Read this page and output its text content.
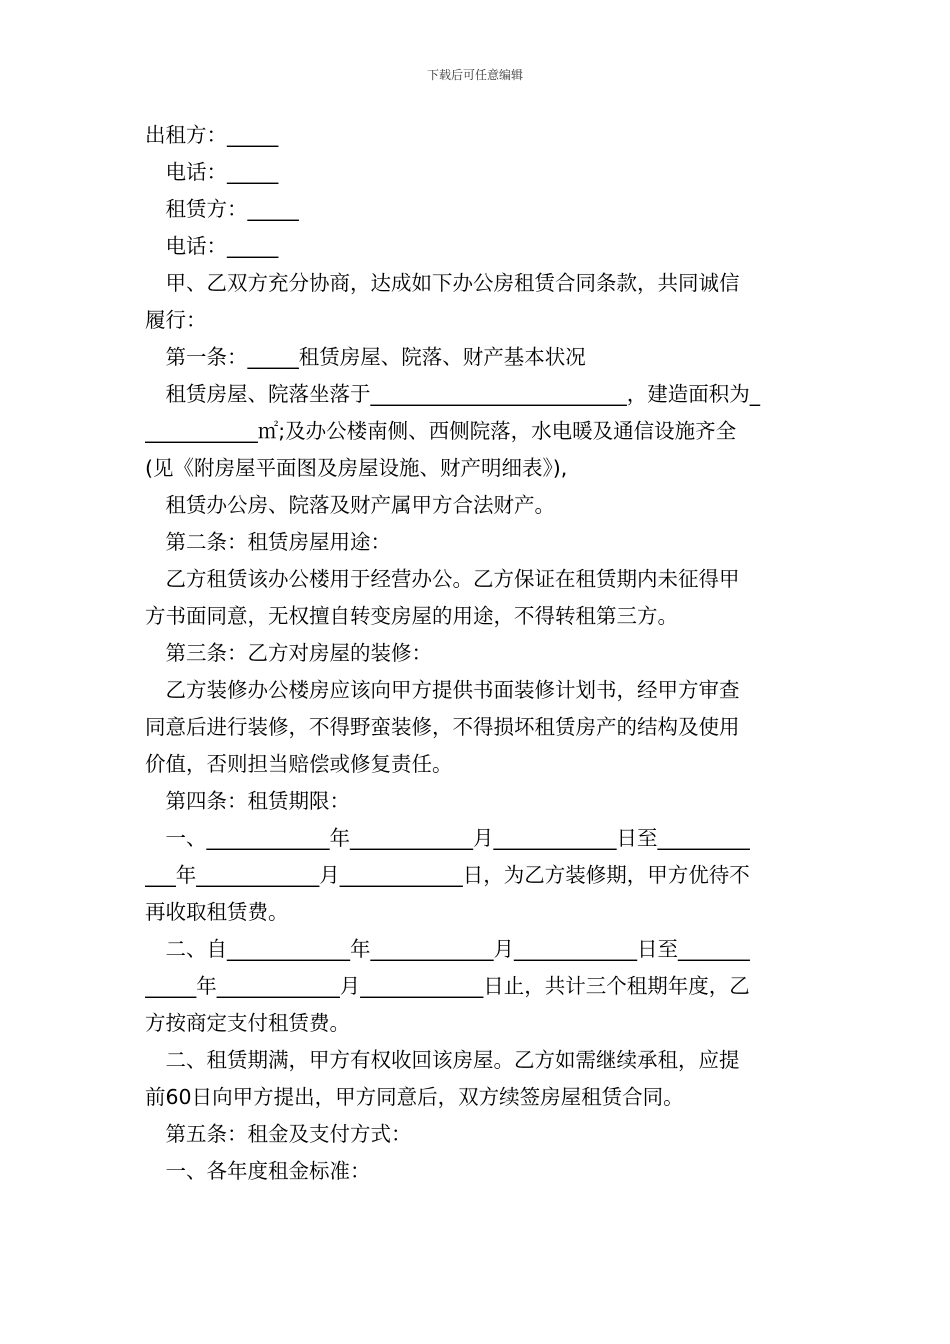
下载后可任意编辑
出租方：_____
　电话：_____
　租赁方：_____
　电话：_____
　甲、乙双方充分协商，达成如下办公房租赁合同条款，共同诚信
履行：
　第一条：_____租赁房屋、院落、财产基本状况
　租赁房屋、院落坐落于_________________________，建造面积为_
___________㎡;及办公楼南侧、西侧院落，水电暖及通信设施齐全
(见《附房屋平面图及房屋设施、财产明细表》),
　租赁办公房、院落及财产属甲方合法财产。
　第二条：租赁房屋用途：
　乙方租赁该办公楼用于经营办公。乙方保证在租赁期内未征得甲
方书面同意，无权擅自转变房屋的用途，不得转租第三方。
　第三条：乙方对房屋的装修：
　乙方装修办公楼房应该向甲方提供书面装修计划书，经甲方审查
同意后进行装修，不得野蛮装修，不得损坏租赁房产的结构及使用
价值，否则担当赔偿或修复责任。
　第四条：租赁期限：
　一、____________年____________月____________日至_________
___年____________月____________日，为乙方装修期，甲方优待不
再收取租赁费。
　二、自____________年____________月____________日至_______
_____年____________月____________日止，共计三个租期年度，乙
方按商定支付租赁费。
　二、租赁期满，甲方有权收回该房屋。乙方如需继续承租，应提
前60日向甲方提出，甲方同意后，双方续签房屋租赁合同。
　第五条：租金及支付方式：
　一、各年度租金标准：
